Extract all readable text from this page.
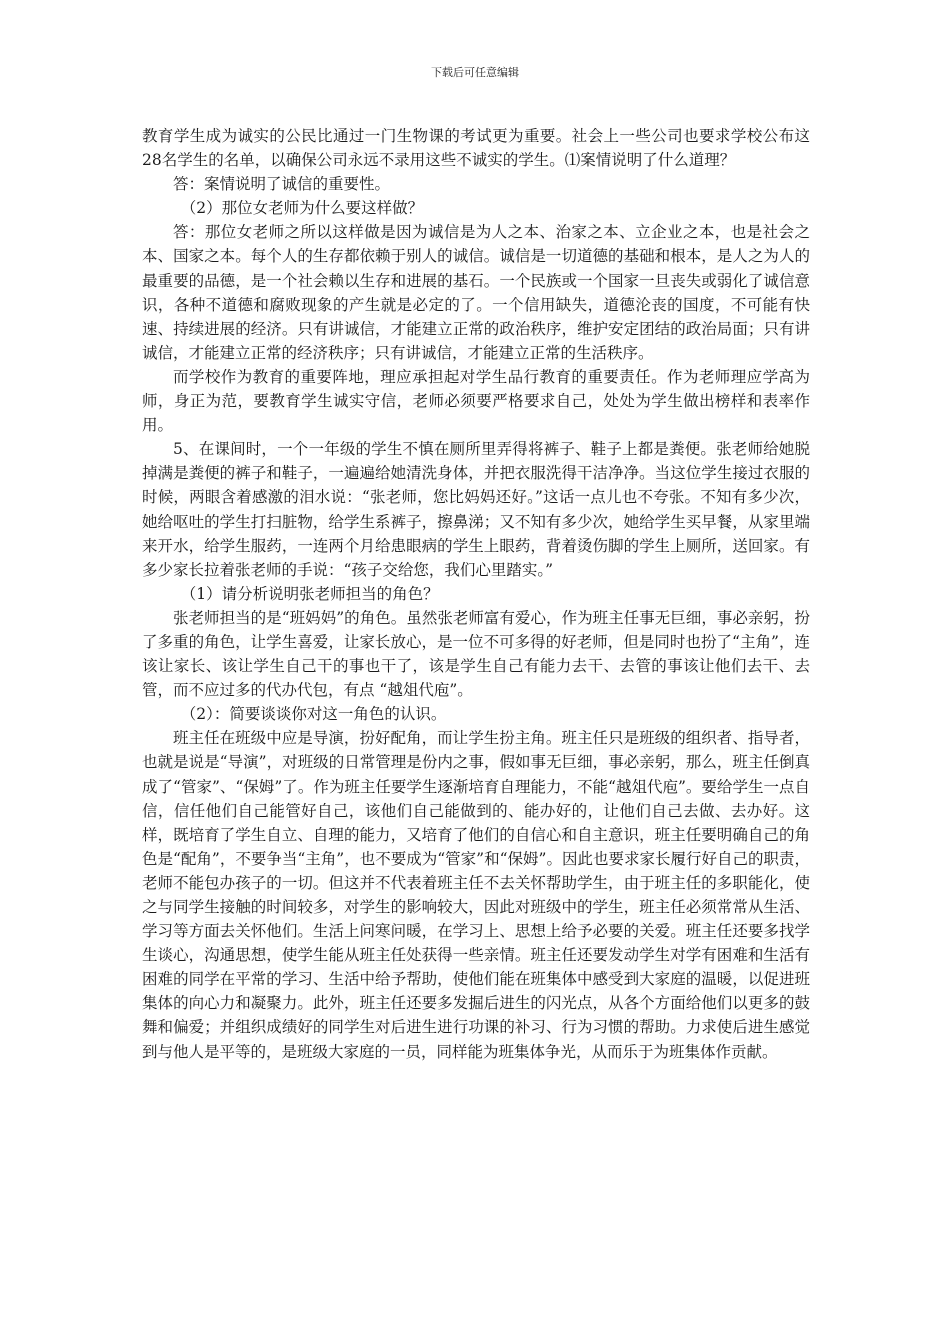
下载后可任意编辑

教育学生成为诚实的公民比通过一门生物课的考试更为重要。社会上一些公司也要求学校公布这28名学生的名单，以确保公司永远不录用这些不诚实的学生。⑴案情说明了什么道理？

答：案情说明了诚信的重要性。

（2）那位女老师为什么要这样做？

答：那位女老师之所以这样做是因为诚信是为人之本、治家之本、立企业之本，也是社会之本、国家之本。每个人的生存都依赖于别人的诚信。诚信是一切道德的基础和根本，是人之为人的最重要的品德，是一个社会赖以生存和进展的基石。一个民族或一个国家一旦丧失或弱化了诚信意识，各种不道德和腐败现象的产生就是必定的了。一个信用缺失，道德沦丧的国度，不可能有快速、持续进展的经济。只有讲诚信，才能建立正常的政治秩序，维护安定团结的政治局面；只有讲诚信，才能建立正常的经济秩序；只有讲诚信，才能建立正常的生活秩序。

而学校作为教育的重要阵地，理应承担起对学生品行教育的重要责任。作为老师理应学高为师，身正为范，要教育学生诚实守信，老师必须要严格要求自己，处处为学生做出榜样和表率作用。

5、在课间时，一个一年级的学生不慎在厕所里弄得将裤子、鞋子上都是粪便。张老师给她脱掉满是粪便的裤子和鞋子，一遍遍给她清洗身体，并把衣服洗得干洁净净。当这位学生接过衣服的时候，两眼含着感激的泪水说：“张老师，您比妈妈还好。”这话一点儿也不夸张。不知有多少次，她给呕吐的学生打扫脏物，给学生系裤子，擦鼻涕；又不知有多少次，她给学生买早餐，从家里端来开水，给学生服药，一连两个月给患眼病的学生上眼药，背着烫伤脚的学生上厕所，送回家。有多少家长拉着张老师的手说：“孩子交给您，我们心里踏实。”

（1）请分析说明张老师担当的角色？

张老师担当的是“班妈妈”的角色。虽然张老师富有爱心，作为班主任事无巨细，事必亲躬，扮了多重的角色，让学生喜爱，让家长放心，是一位不可多得的好老师，但是同时也扮了“主角”，连该让家长、该让学生自己干的事也干了，该是学生自己有能力去干、去管的事该让他们去干、去管，而不应过多的代办代包，有点 “越俎代庖”。

（2）：简要谈谈你对这一角色的认识。

班主任在班级中应是导演，扮好配角，而让学生扮主角。班主任只是班级的组织者、指导者，也就是说是“导演”，对班级的日常管理是份内之事，假如事无巨细，事必亲躬，那么，班主任倒真成了“管家”、“保姆”了。作为班主任要学生逐渐培育自理能力，不能“越俎代庖”。要给学生一点自信，信任他们自己能管好自己，该他们自己能做到的、能办好的，让他们自己去做、去办好。这样，既培育了学生自立、自理的能力，又培育了他们的自信心和自主意识，班主任要明确自己的角色是“配角”，不要争当“主角”，也不要成为“管家”和“保姆”。因此也要求家长履行好自己的职责，老师不能包办孩子的一切。但这并不代表着班主任不去关怀帮助学生，由于班主任的多职能化，使之与同学生接触的时间较多，对学生的影响较大，因此对班级中的学生，班主任必须常常从生活、学习等方面去关怀他们。生活上问寒问暖，在学习上、思想上给予必要的关爱。班主任还要多找学生谈心，沟通思想，使学生能从班主任处获得一些亲情。班主任还要发动学生对学有困难和生活有困难的同学在平常的学习、生活中给予帮助，使他们能在班集体中感受到大家庭的温暖，以促进班集体的向心力和凝聚力。此外，班主任还要多发掘后进生的闪光点，从各个方面给他们以更多的鼓舞和偏爱；并组织成绩好的同学生对后进生进行功课的补习、行为习惯的帮助。力求使后进生感觉到与他人是平等的，是班级大家庭的一员，同样能为班集体争光，从而乐于为班集体作贡献。
